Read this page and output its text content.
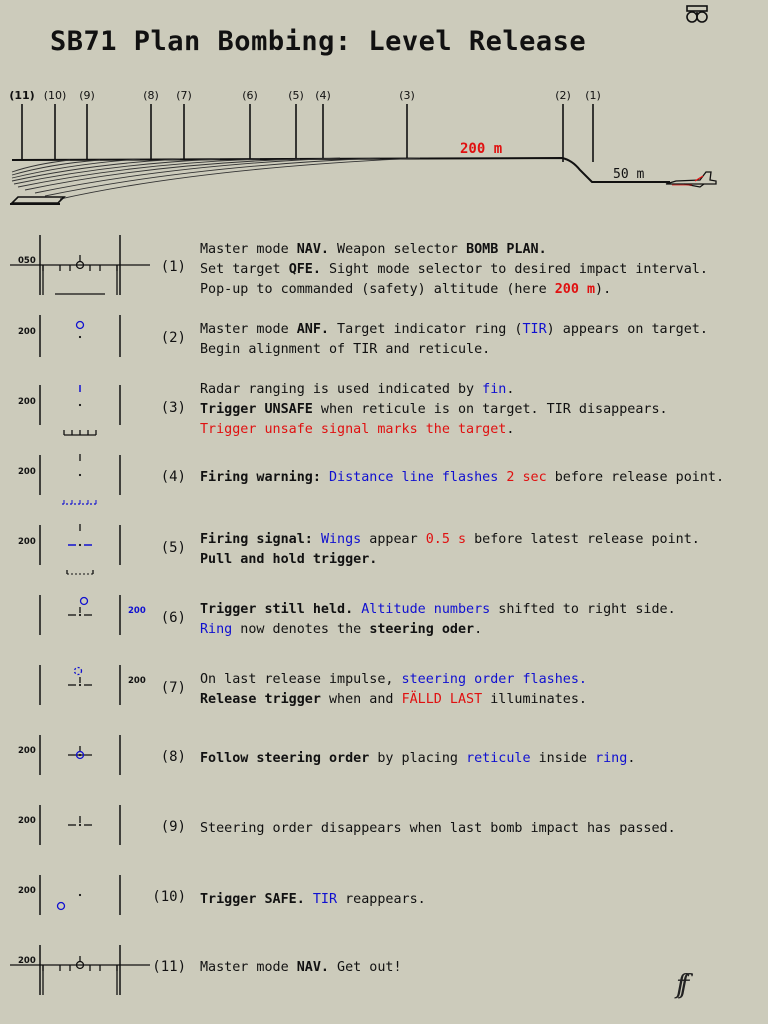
SB71 Plan Bombing: Level Release
(11) (10) (9)	(8) (7)	(6)	(5) (4)	(3)	(2) (1)
200 m
50 m
050	(1)
Master mode NAV. Weapon selector BOMB PLAN.
Set target QFE. Sight mode selector to desired impact interval.
Pop-up to commanded (safety) altitude (here 200 m).
200	(2)
Master mode ANF. Target indicator ring (TIR) appears on target.
Begin alignment of TIR and reticule.
200	(3)
Radar ranging is used indicated by fin.
Trigger UNSAFE when reticule is on target. TIR disappears.
Trigger unsafe signal marks the target.
200	(4) Firing warning: Distance line flashes 2 sec before release point.
200	(5)
Firing signal: Wings appear 0.5 s before latest release point.
Pull and hold trigger.
200	(6)
Trigger still held. Altitude numbers shifted to right side.
Ring now denotes the steering oder.
200	(7)
On last release impulse, steering order flashes.
Release trigger when and FÄLLD LAST illuminates.
200	(8) Follow steering order by placing reticule inside ring.
200	(9) Steering order disappears when last bomb impact has passed.
200	(10) Trigger SAFE. TIR reappears.
200	(11) Master mode NAV. Get out!
ff
